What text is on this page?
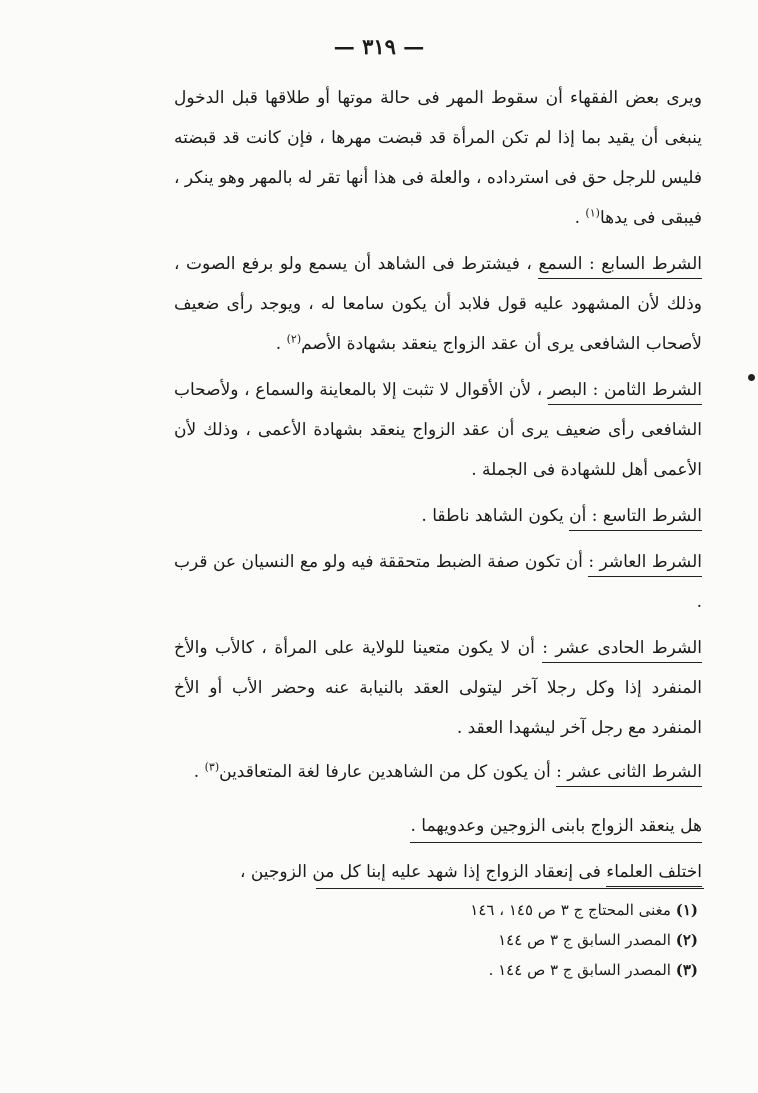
— ٣١٩ —

ويرى بعض الفقهاء أن سقوط المهر فى حالة موتها أو طلاقها قبل الدخول ينبغى أن يقيد بما إذا لم تكن المرأة قد قبضت مهرها ، فإن كانت قد قبضته فليس للرجل حق فى استرداده ، والعلة فى هذا أنها تقر له بالمهر وهو ينكر ، فيبقى فى يدها$^{(١)}$ .

الشرط السابع : السمع ، فيشترط فى الشاهد أن يسمع ولو برفع الصوت ، وذلك لأن المشهود عليه قول فلابد أن يكون سامعا له ، ويوجد رأى ضعيف لأصحاب الشافعى يرى أن عقد الزواج ينعقد بشهادة الأصم$^{(٢)}$ .

الشرط الثامن : البصر ، لأن الأقوال لا تثبت إلا بالمعاينة والسماع ، ولأصحاب الشافعى رأى ضعيف يرى أن عقد الزواج ينعقد بشهادة الأعمى ، وذلك لأن الأعمى أهل للشهادة فى الجملة .

الشرط التاسع : أن يكون الشاهد ناطقا .

الشرط العاشر : أن تكون صفة الضبط متحققة فيه ولو مع النسيان عن قرب .

الشرط الحادى عشر : أن لا يكون متعينا للولاية على المرأة ، كالأب والأخ المنفرد إذا وكل رجلا آخر ليتولى العقد بالنيابة عنه وحضر الأب أو الأخ المنفرد مع رجل آخر ليشهدا العقد .

الشرط الثانى عشر : أن يكون كل من الشاهدين عارفا لغة المتعاقدين$^{(٣)}$ .

هل ينعقد الزواج بابنى الزوجين وعدويهما .

اختلف العلماء فى إنعقاد الزواج إذا شهد عليه إبنا كل من الزوجين ،

(١) مغنى المحتاج ج ٣ ص ١٤٥ ، ١٤٦

(٢) المصدر السابق ج ٣ ص ١٤٤

(٣) المصدر السابق ج ٣ ص ١٤٤ .
